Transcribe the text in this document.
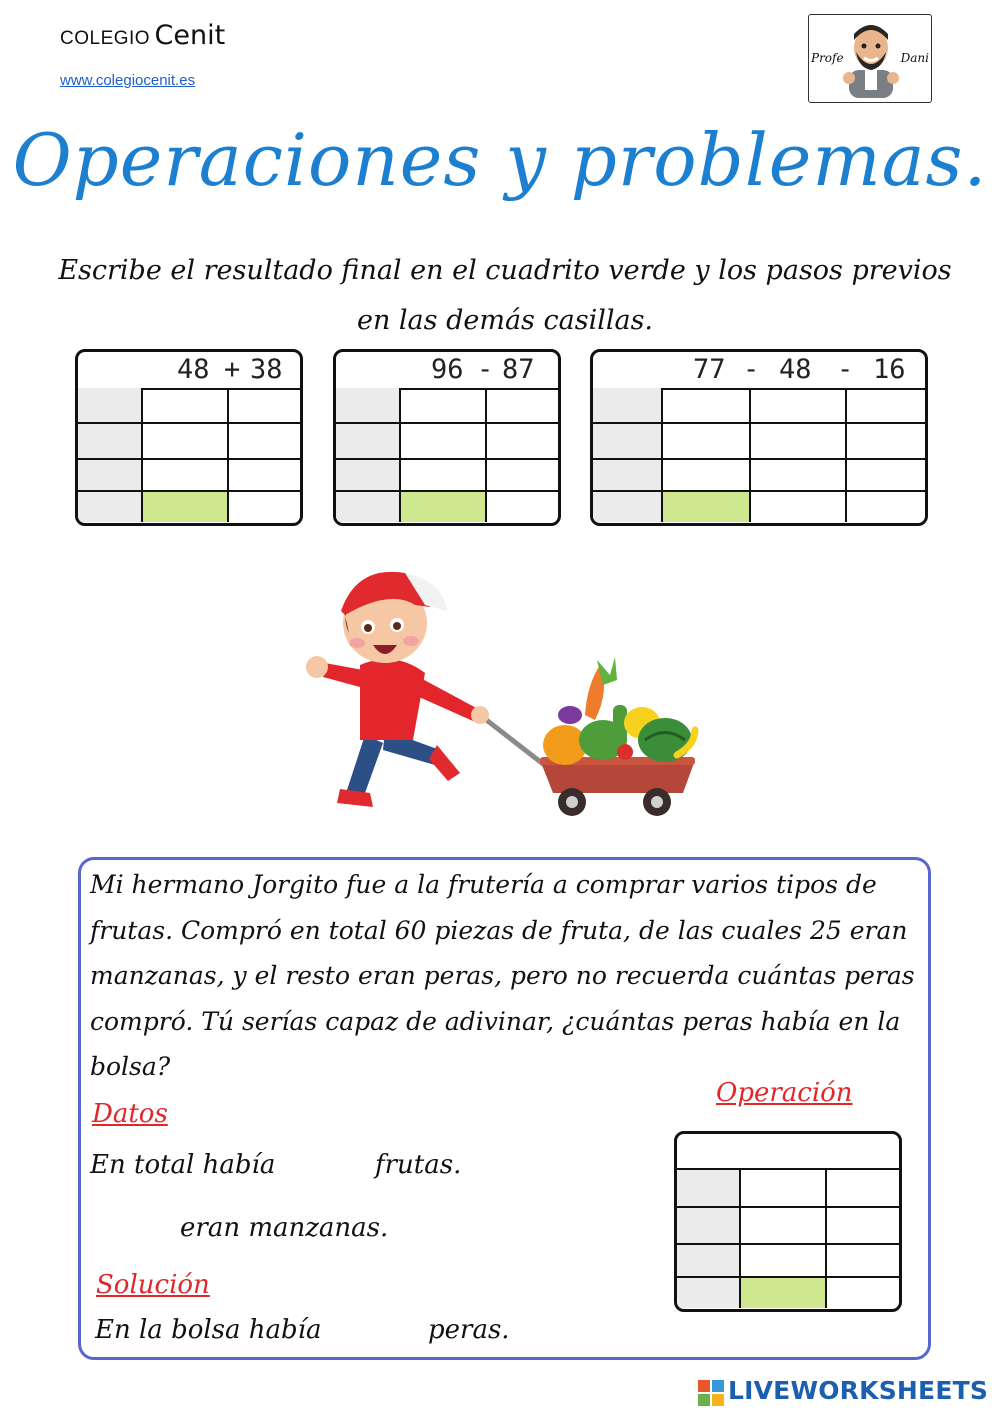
COLEGIO Cenit
www.colegiocenit.es
Profe	Dani
Operaciones y problemas.
Escribe el resultado final en el cuadrito verde y los pasos previos en las demás casillas.
48 + 38	96 - 87	77 - 48 - 16
Mi hermano Jorgito fue a la frutería a comprar varios tipos de frutas. Compró en total 60 piezas de fruta, de las cuales 25 eran manzanas, y el resto eran peras, pero no recuerda cuántas peras compró. Tú serías capaz de adivinar, ¿cuántas peras había en la bolsa?
Datos
Operación
En total había	frutas.
eran manzanas.
Solución
En la bolsa había	peras.
LIVEWORKSHEETS
